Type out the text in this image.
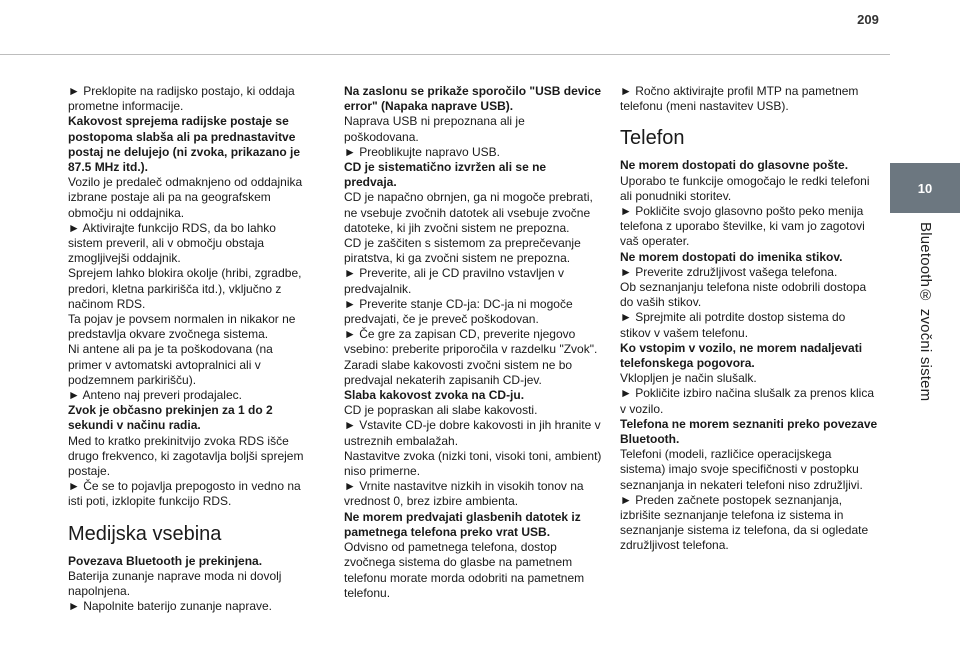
209
10
Bluetooth® zvočni sistem

► Preklopite na radijsko postajo, ki oddaja prometne informacije.

Kakovost sprejema radijske postaje se postopoma slabša ali pa prednastavitve postaj ne delujejo (ni zvoka, prikazano je 87.5 MHz itd.).

Vozilo je predaleč odmaknjeno od oddajnika izbrane postaje ali pa na geografskem območju ni oddajnika.

► Aktivirajte funkcijo RDS, da bo lahko sistem preveril, ali v območju obstaja zmogljivejši oddajnik.

Sprejem lahko blokira okolje (hribi, zgradbe, predori, kletna parkirišča itd.), vključno z načinom RDS.

Ta pojav je povsem normalen in nikakor ne predstavlja okvare zvočnega sistema.

Ni antene ali pa je ta poškodovana (na primer v avtomatski avtopralnici ali v podzemnem parkirišču).

► Anteno naj preveri prodajalec.

Zvok je občasno prekinjen za 1 do 2 sekundi v načinu radia.

Med to kratko prekinitvijo zvoka RDS išče drugo frekvenco, ki zagotavlja boljši sprejem postaje.

► Če se to pojavlja prepogosto in vedno na isti poti, izklopite funkcijo RDS.

Medijska vsebina

Povezava Bluetooth je prekinjena.

Baterija zunanje naprave moda ni dovolj napolnjena.

► Napolnite baterijo zunanje naprave.

Na zaslonu se prikaže sporočilo "USB device error" (Napaka naprave USB).

Naprava USB ni prepoznana ali je poškodovana.

► Preoblikujte napravo USB.

CD je sistematično izvržen ali se ne predvaja.

CD je napačno obrnjen, ga ni mogoče prebrati, ne vsebuje zvočnih datotek ali vsebuje zvočne datoteke, ki jih zvočni sistem ne prepozna.

CD je zaščiten s sistemom za preprečevanje piratstva, ki ga zvočni sistem ne prepozna.

► Preverite, ali je CD pravilno vstavljen v predvajalnik.

► Preverite stanje CD-ja: DC-ja ni mogoče predvajati, če je preveč poškodovan.

► Če gre za zapisan CD, preverite njegovo vsebino: preberite priporočila v razdelku "Zvok".

Zaradi slabe kakovosti zvočni sistem ne bo predvajal nekaterih zapisanih CD-jev.

Slaba kakovost zvoka na CD-ju.

CD je popraskan ali slabe kakovosti.

► Vstavite CD-je dobre kakovosti in jih hranite v ustreznih embalažah.

Nastavitve zvoka (nizki toni, visoki toni, ambient) niso primerne.

► Vrnite nastavitve nizkih in visokih tonov na vrednost 0, brez izbire ambienta.

Ne morem predvajati glasbenih datotek iz pametnega telefona preko vrat USB.

Odvisno od pametnega telefona, dostop zvočnega sistema do glasbe na pametnem telefonu morate morda odobriti na pametnem telefonu.

► Ročno aktivirajte profil MTP na pametnem telefonu (meni nastavitev USB).

Telefon

Ne morem dostopati do glasovne pošte.

Uporabo te funkcije omogočajo le redki telefoni ali ponudniki storitev.

► Pokličite svojo glasovno pošto peko menija telefona z uporabo številke, ki vam jo zagotovi vaš operater.

Ne morem dostopati do imenika stikov.

► Preverite združljivost vašega telefona.

Ob seznanjanju telefona niste odobrili dostopa do vaših stikov.

► Sprejmite ali potrdite dostop sistema do stikov v vašem telefonu.

Ko vstopim v vozilo, ne morem nadaljevati telefonskega pogovora.

Vklopljen je način slušalk.

► Pokličite izbiro načina slušalk za prenos klica v vozilo.

Telefona ne morem seznaniti preko povezave Bluetooth.

Telefoni (modeli, različice operacijskega sistema) imajo svoje specifičnosti v postopku seznanjanja in nekateri telefoni niso združljivi.

► Preden začnete postopek seznanjanja, izbrišite seznanjanje telefona iz sistema in seznanjanje sistema iz telefona, da si ogledate združljivost telefona.
